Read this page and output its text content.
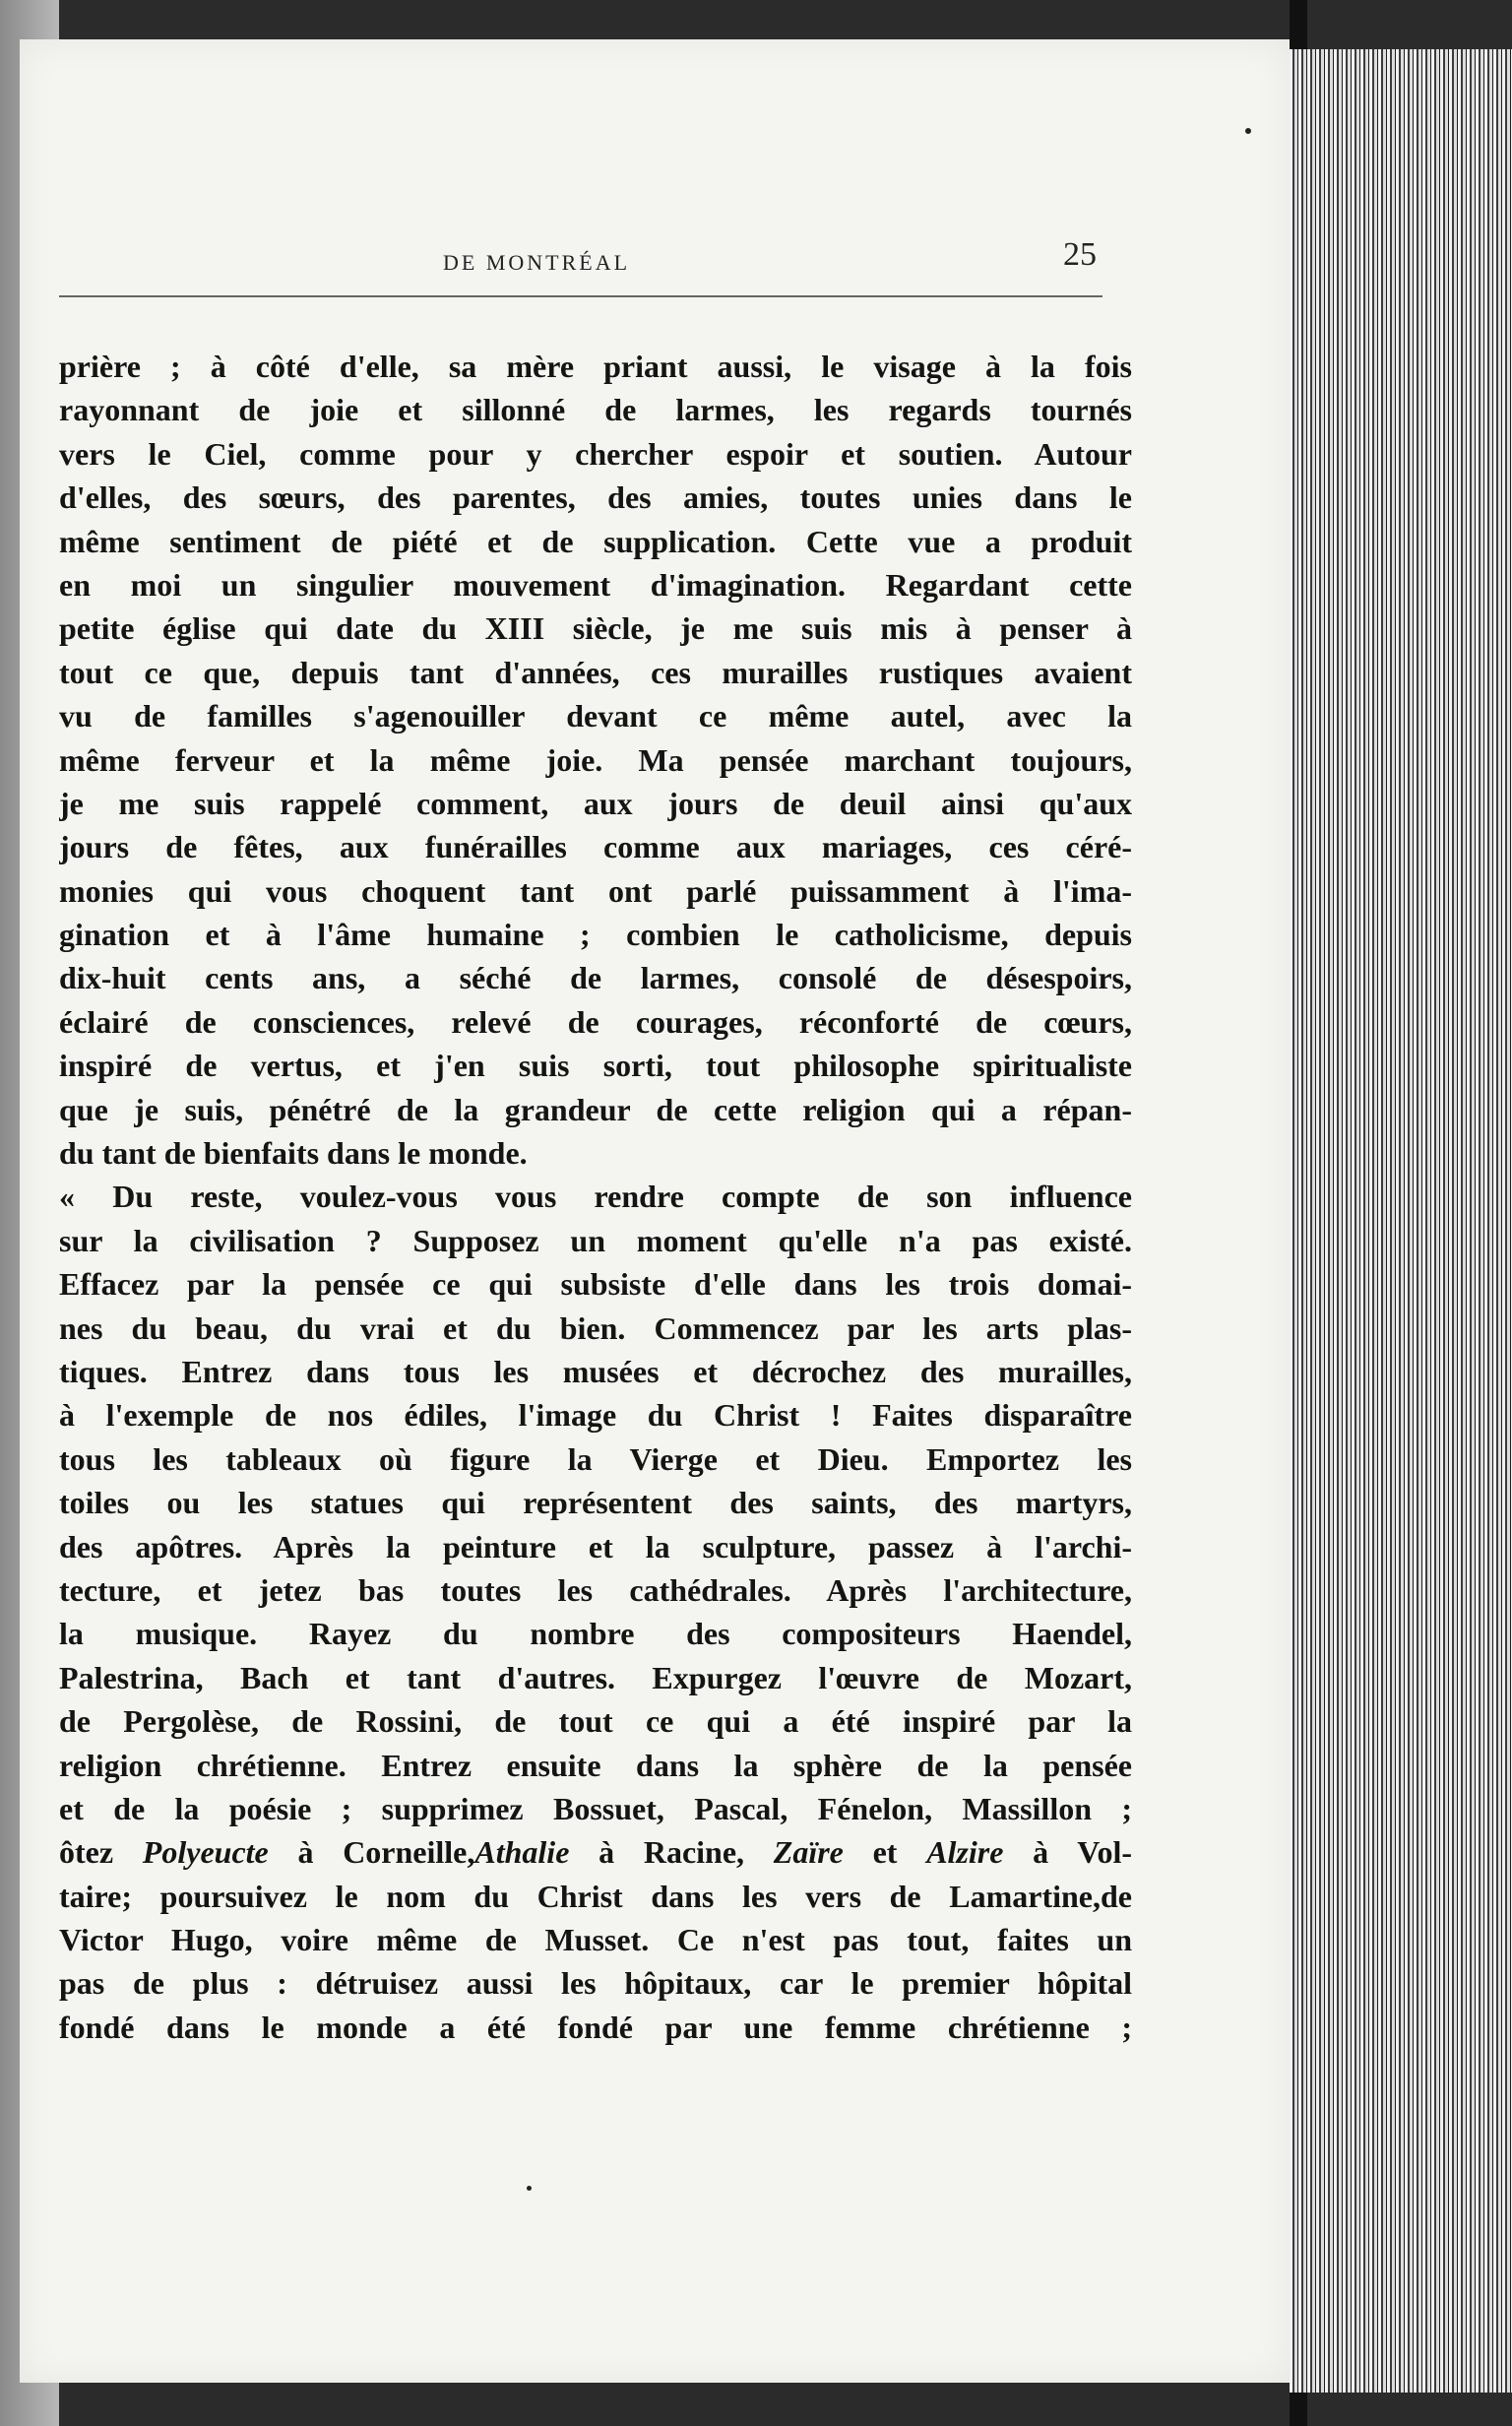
DE MONTRÉAL	25
prière ; à côté d'elle, sa mère priant aussi, le visage à la fois
rayonnant de joie et sillonné de larmes, les regards tournés
vers le Ciel, comme pour y chercher espoir et soutien. Autour
d'elles, des sœurs, des parentes, des amies, toutes unies dans le
même sentiment de piété et de supplication. Cette vue a produit
en moi un singulier mouvement d'imagination. Regardant cette
petite église qui date du XIII siècle, je me suis mis à penser à
tout ce que, depuis tant d'années, ces murailles rustiques avaient
vu de familles s'agenouiller devant ce même autel, avec la
même ferveur et la même joie. Ma pensée marchant toujours,
je me suis rappelé comment, aux jours de deuil ainsi qu'aux
jours de fêtes, aux funérailles comme aux mariages, ces céré-
monies qui vous choquent tant ont parlé puissamment à l'ima-
gination et à l'âme humaine ; combien le catholicisme, depuis
dix-huit cents ans, a séché de larmes, consolé de désespoirs,
éclairé de consciences, relevé de courages, réconforté de cœurs,
inspiré de vertus, et j'en suis sorti, tout philosophe spiritualiste
que je suis, pénétré de la grandeur de cette religion qui a répan-
du tant de bienfaits dans le monde.
« Du reste, voulez-vous vous rendre compte de son influence
sur la civilisation ? Supposez un moment qu'elle n'a pas existé.
Effacez par la pensée ce qui subsiste d'elle dans les trois domai-
nes du beau, du vrai et du bien. Commencez par les arts plas-
tiques. Entrez dans tous les musées et décrochez des murailles,
à l'exemple de nos édiles, l'image du Christ ! Faites disparaître
tous les tableaux où figure la Vierge et Dieu. Emportez les
toiles ou les statues qui représentent des saints, des martyrs,
des apôtres. Après la peinture et la sculpture, passez à l'archi-
tecture, et jetez bas toutes les cathédrales. Après l'architecture,
la musique. Rayez du nombre des compositeurs Haendel,
Palestrina, Bach et tant d'autres. Expurgez l'œuvre de Mozart,
de Pergolèse, de Rossini, de tout ce qui a été inspiré par la
religion chrétienne. Entrez ensuite dans la sphère de la pensée
et de la poésie ; supprimez Bossuet, Pascal, Fénelon, Massillon ;
ôtez Polyeucte à Corneille,Athalie à Racine, Zaïre et Alzire à Vol-
taire; poursuivez le nom du Christ dans les vers de Lamartine,de
Victor Hugo, voire même de Musset. Ce n'est pas tout, faites un
pas de plus : détruisez aussi les hôpitaux, car le premier hôpital
fondé dans le monde a été fondé par une femme chrétienne ;
